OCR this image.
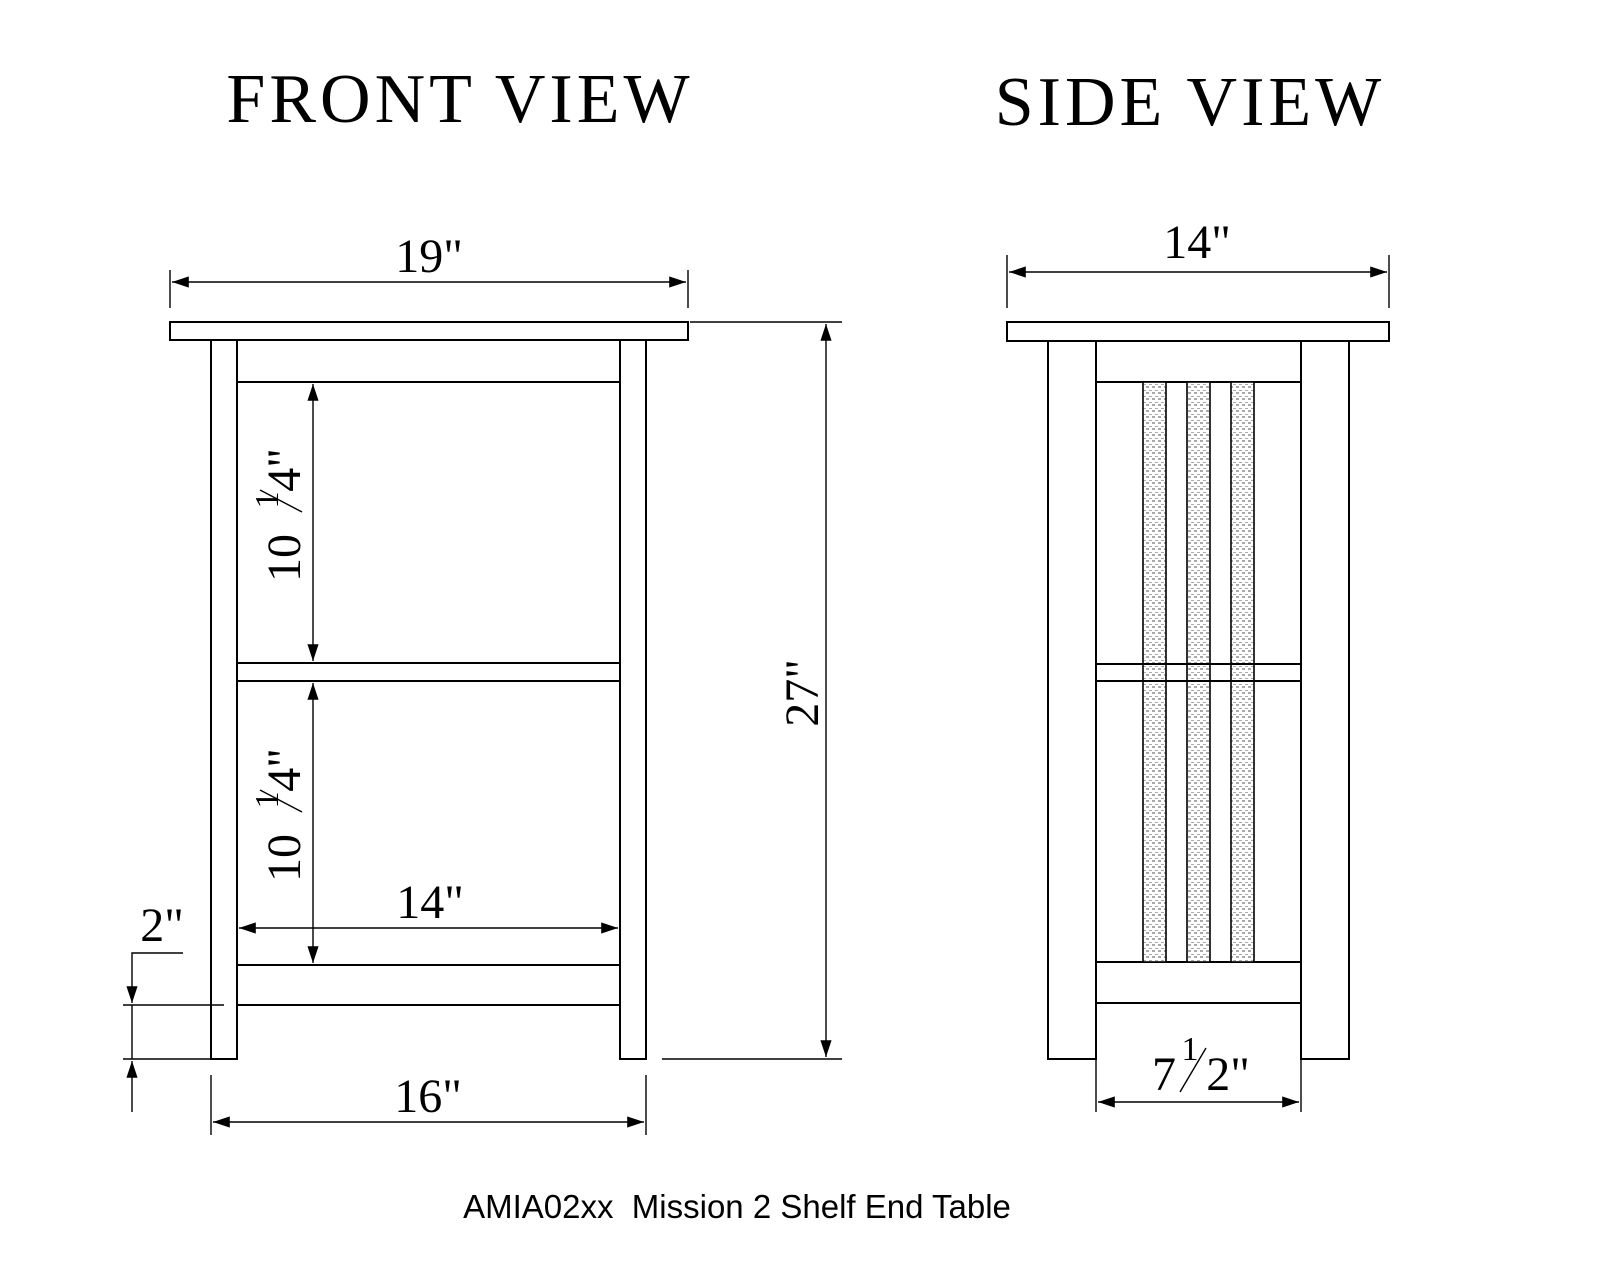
FRONT VIEW	SIDE VIEW
19"
27"
10
1
4"
10
1
4"
14"
2"
16"
14"
7 1 2"
AMIA02xx  Mission 2 Shelf End Table
